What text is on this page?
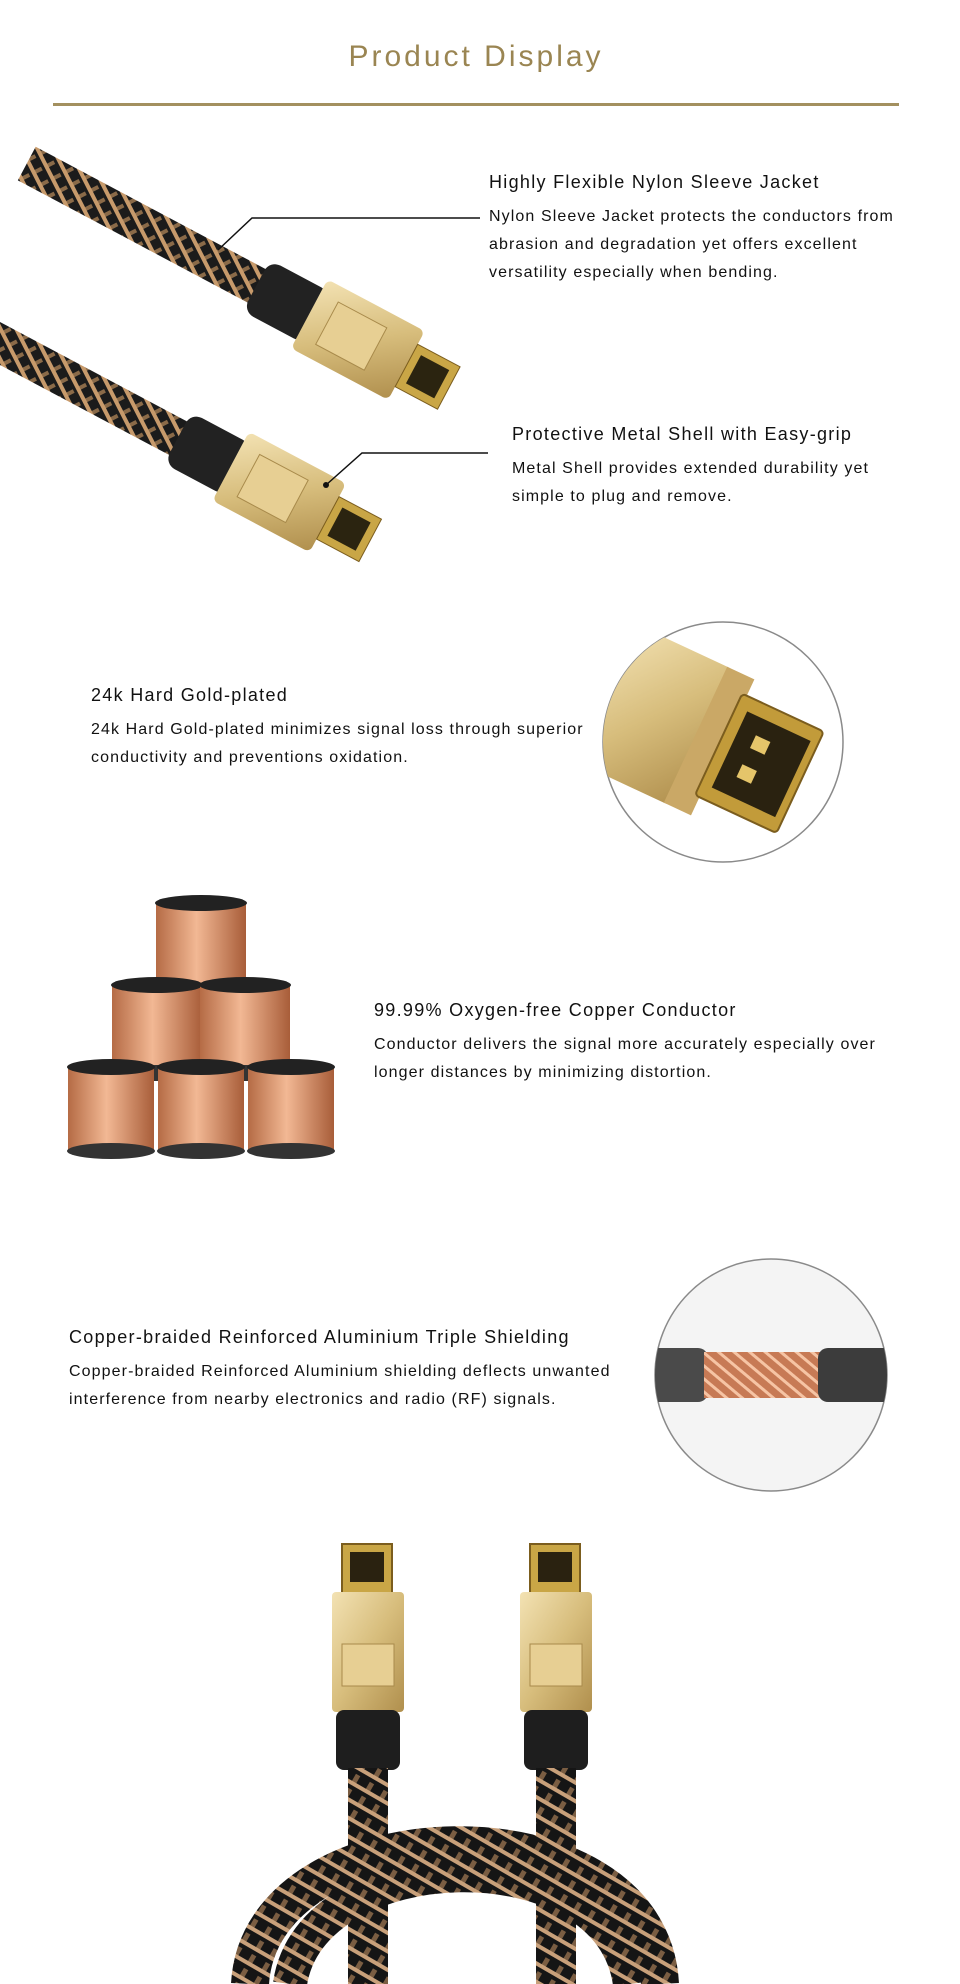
Product Display
Highly Flexible Nylon Sleeve Jacket

Nylon Sleeve Jacket protects the conductors from abrasion and degradation yet offers excellent versatility especially when bending.

Protective Metal Shell with Easy-grip

Metal Shell provides extended durability yet simple to plug and remove.

24k Hard Gold-plated

24k Hard Gold-plated minimizes signal loss through superior conductivity and preventions oxidation.

99.99% Oxygen-free Copper Conductor

Conductor delivers the signal more accurately especially over longer distances by minimizing distortion.

Copper-braided Reinforced Aluminium Triple Shielding

Copper-braided Reinforced Aluminium shielding deflects unwanted interference from nearby electronics and radio (RF) signals.
